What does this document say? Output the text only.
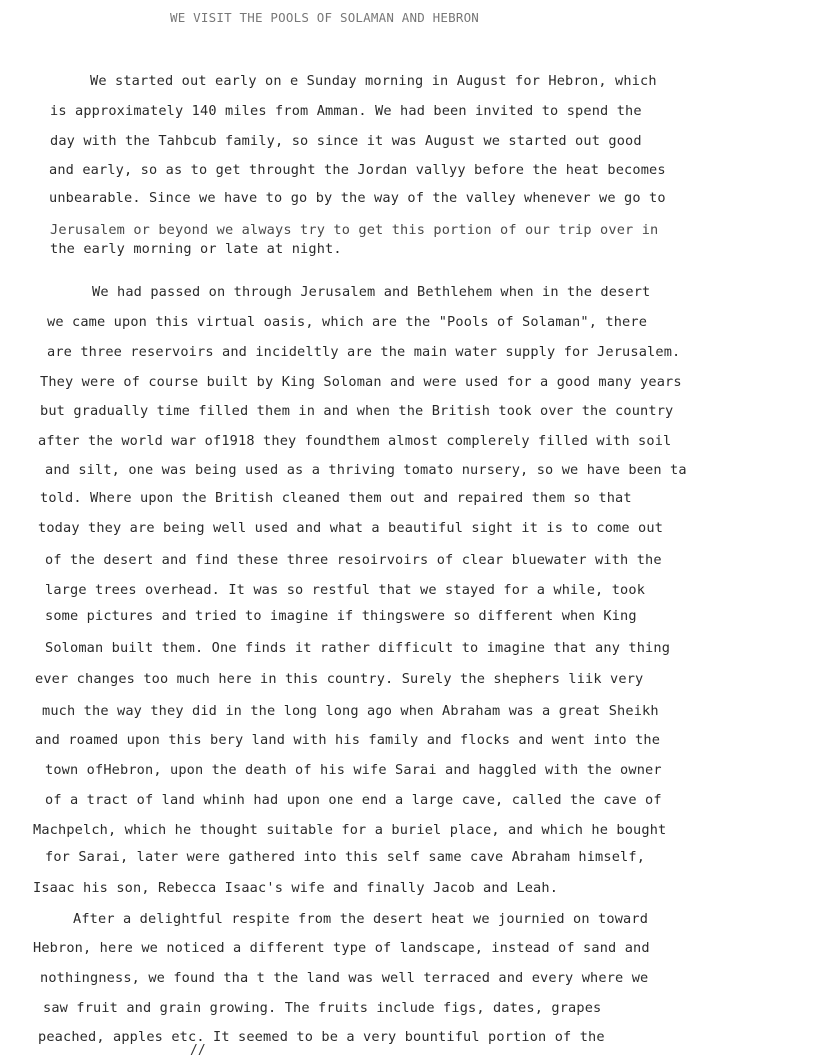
WE VISIT THE POOLS OF SOLAMAN AND HEBRON
We started out early on e Sunday morning in August for Hebron, which
is approximately 140 miles from Amman. We had been invited to spend the
day with the Tahbcub family, so since it was August we started out good
and early, so as to get throught the Jordan vallyy before the heat becomes
unbearable. Since we have to go by the way of the valley whenever we go to
Jerusalem or beyond we always try to get this portion of our trip over in
the early morning or late at night.
We had passed on through Jerusalem and Bethlehem when in the desert
we came upon this virtual oasis, which are the "Pools of Solaman", there
are three reservoirs and incideltly are the main water supply for Jerusalem.
They were of course built by King Soloman and were used for a good many years
but gradually time filled them in and when the British took over the country
after the world war of1918 they foundthem almost complerely filled with soil
and silt, one was being used as a thriving tomato nursery, so we have been ta
told. Where upon the British cleaned them out and repaired them so that
today they are being well used and what a beautiful sight it is to come out
of the desert and find these three resoirvoirs of clear bluewater with the
large trees overhead. It was so restful that we stayed for a while, took
some pictures and tried to imagine if thingswere so different when King
Soloman built them. One finds it rather difficult to imagine that any thing
ever changes too much here in this country. Surely the shephers liik very
much the way they did in the long long ago when Abraham was a great Sheikh
and roamed upon this bery land with his family and flocks and went into the
town ofHebron, upon the death of his wife Sarai and haggled with the owner
of a tract of land whinh had upon one end a large cave, called the cave of
Machpelch, which he thought suitable for a buriel place, and which he bought
for Sarai, later were gathered into this self same cave Abraham himself,
Isaac his son, Rebecca Isaac's wife and finally Jacob and Leah.
After a delightful respite from the desert heat we journied on toward
Hebron, here we noticed a different type of landscape, instead of sand and
nothingness, we found tha t the land was well terraced and every where we
saw fruit and grain growing. The fruits include figs, dates, grapes
peached, apples etc. It seemed to be a very bountiful portion of the
//
